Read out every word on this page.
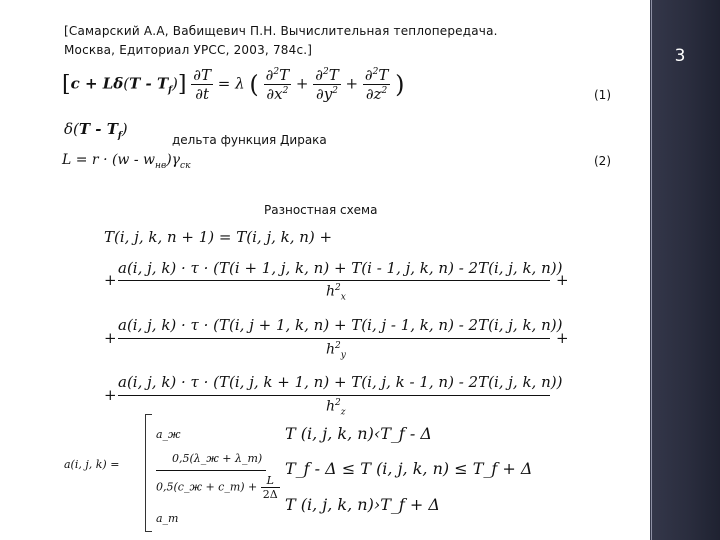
[Самарский А.А, Вабищевич П.Н. Вычислительная теплопередача.
Москва, Едиториал УРСС, 2003, 784с.]
$[c + L\delta(T - T_f)] \frac{\partial T}{\partial t} = \lambda$ ( $\frac{\partial^2T}{\partial x^2} + \frac{\partial^2T}{\partial y^2} + \frac{\partial^2T}{\partial z^2}$ )	(1)
$\delta(T - T_f)$
дельта функция Дирака
$L = r \cdot (w - w_{нв})\gamma_{ск}$	(2)
Разностная схема
T(i, j, k, n + 1) = T(i, j, k, n) +
+
a(i, j, k) · τ · (T(i + 1, j, k, n) + T(i - 1, j, k, n) - 2T(i, j, k, n))
$h^2_x$
+
+
a(i, j, k) · τ · (T(i, j + 1, k, n) + T(i, j - 1, k, n) - 2T(i, j, k, n))
$h^2_y$
+
+
a(i, j, k) · τ · (T(i, j, k + 1, n) + T(i, j, k - 1, n) - 2T(i, j, k, n))
$h^2_z$
a(i, j, k) =
a_ж
0,5(λ_ж + λ_т)
0,5(c_ж + c_т) + $\frac{L}{2\Delta}$
a_т
T (i, j, k, n)‹T_f - Δ
T_f - Δ ≤ T (i, j, k, n) ≤ T_f + Δ
T (i, j, k, n)›T_f + Δ
3
